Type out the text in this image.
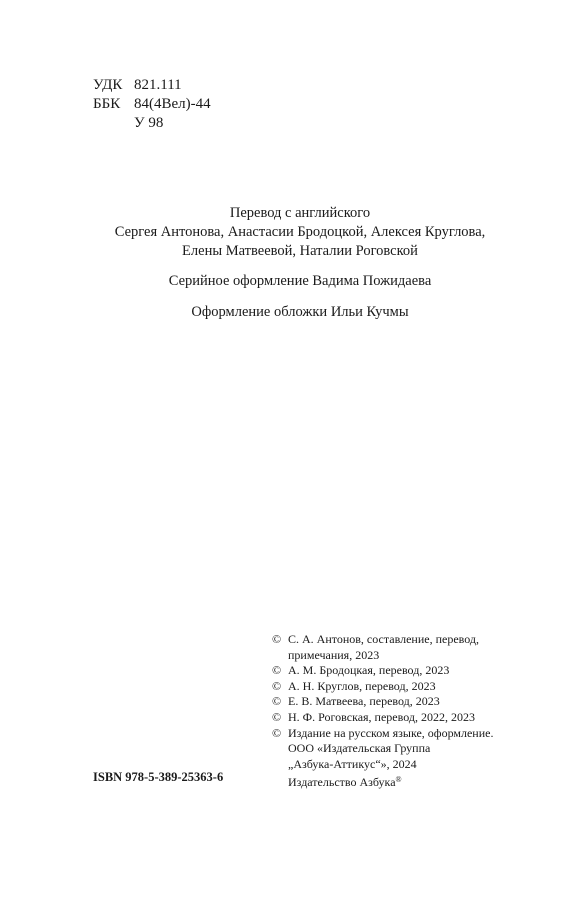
УДК 821.111
ББК 84(4Вел)-44
У 98

Перевод с английского

Сергея Антонова, Анастасии Бродоцкой, Алексея Круглова,

Елены Матвеевой, Наталии Роговской

Серийное оформление Вадима Пожидаева

Оформление обложки Ильи Кучмы

© С. А. Антонов, составление, перевод,
примечания, 2023
© А. М. Бродоцкая, перевод, 2023
© А. Н. Круглов, перевод, 2023
© Е. В. Матвеева, перевод, 2023
© Н. Ф. Роговская, перевод, 2022, 2023
© Издание на русском языке, оформление.
ООО «Издательская Группа
„Азбука-Аттикус“», 2024
Издательство Азбука®
ISBN 978-5-389-25363-6
